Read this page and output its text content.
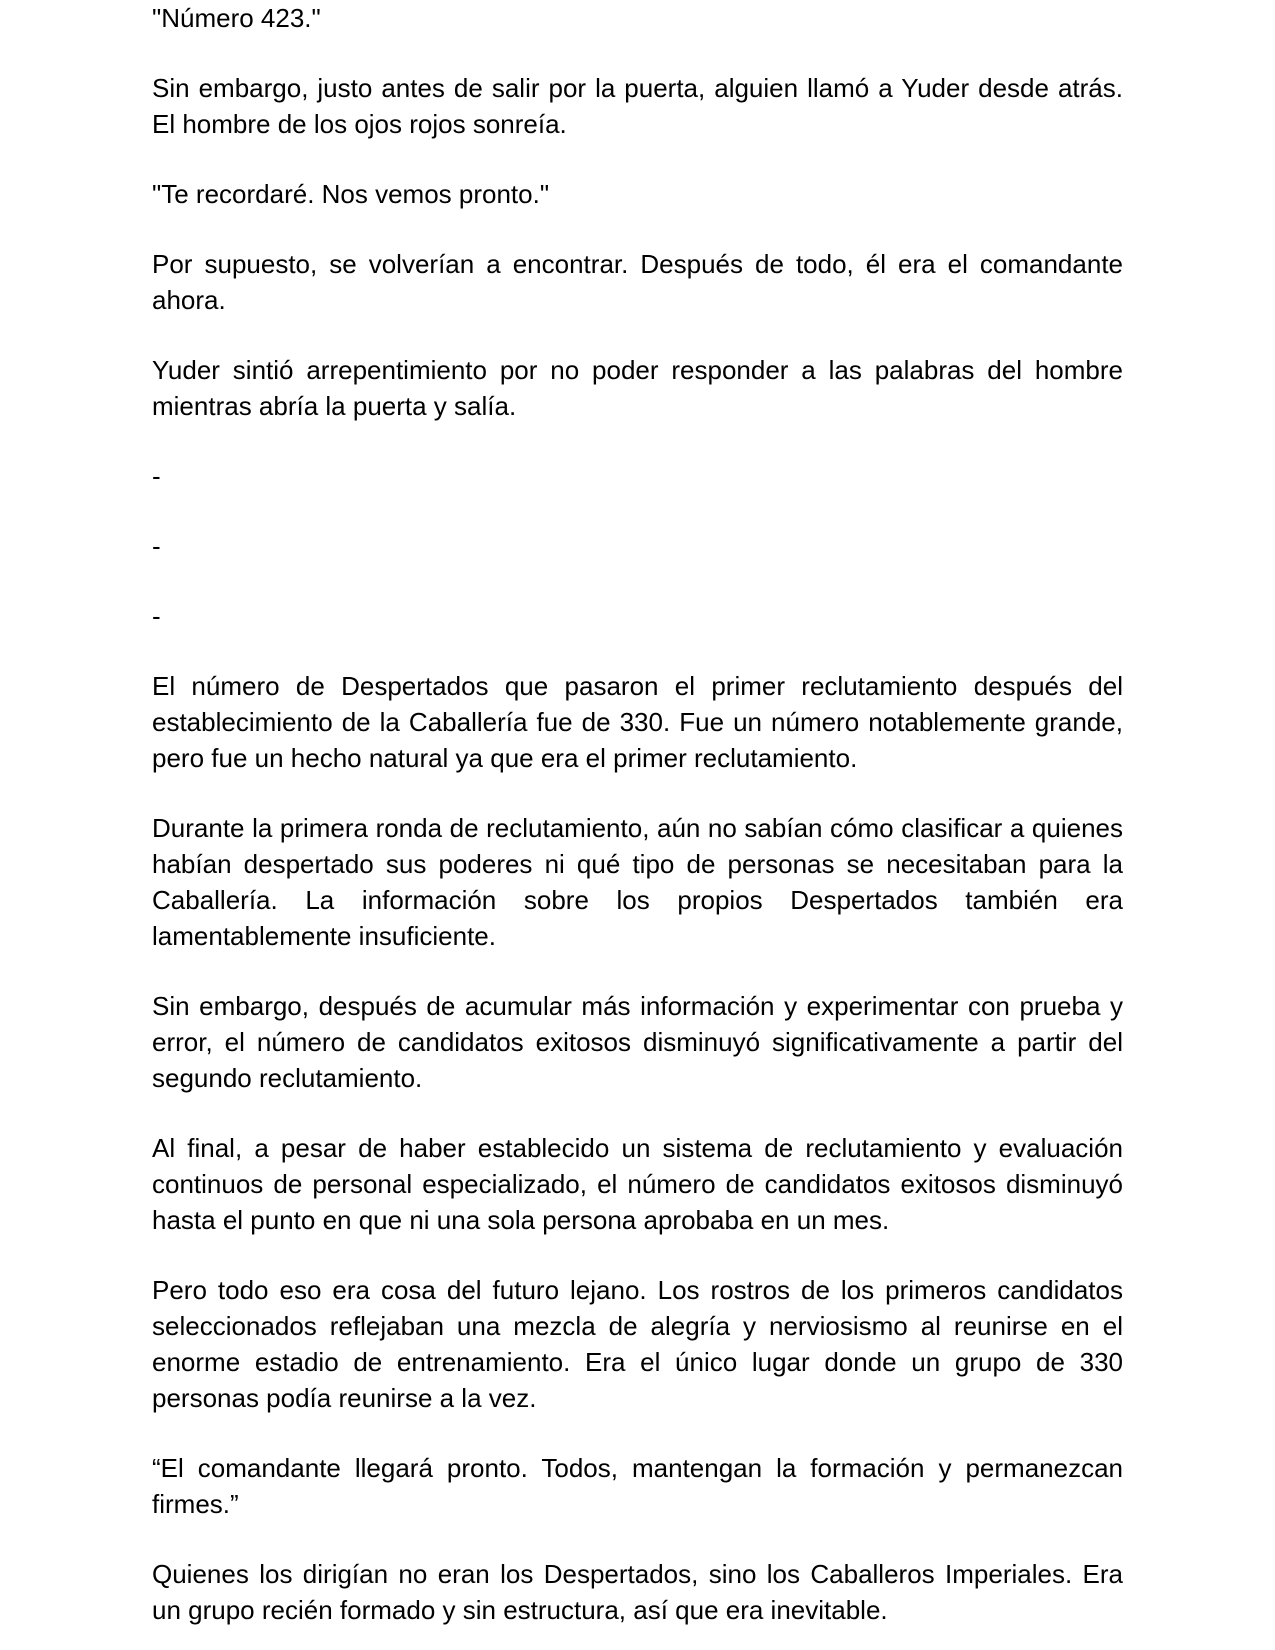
"Número 423."

Sin embargo, justo antes de salir por la puerta, alguien llamó a Yuder desde atrás. El hombre de los ojos rojos sonreía.

"Te recordaré. Nos vemos pronto."

Por supuesto, se volverían a encontrar. Después de todo, él era el comandante ahora.

Yuder sintió arrepentimiento por no poder responder a las palabras del hombre mientras abría la puerta y salía.

-

-

-

El número de Despertados que pasaron el primer reclutamiento después del establecimiento de la Caballería fue de 330. Fue un número notablemente grande, pero fue un hecho natural ya que era el primer reclutamiento.

Durante la primera ronda de reclutamiento, aún no sabían cómo clasificar a quienes habían despertado sus poderes ni qué tipo de personas se necesitaban para la Caballería. La información sobre los propios Despertados también era lamentablemente insuficiente.

Sin embargo, después de acumular más información y experimentar con prueba y error, el número de candidatos exitosos disminuyó significativamente a partir del segundo reclutamiento.

Al final, a pesar de haber establecido un sistema de reclutamiento y evaluación continuos de personal especializado, el número de candidatos exitosos disminuyó hasta el punto en que ni una sola persona aprobaba en un mes.

Pero todo eso era cosa del futuro lejano. Los rostros de los primeros candidatos seleccionados reflejaban una mezcla de alegría y nerviosismo al reunirse en el enorme estadio de entrenamiento. Era el único lugar donde un grupo de 330 personas podía reunirse a la vez.

“El comandante llegará pronto. Todos, mantengan la formación y permanezcan firmes.”

Quienes los dirigían no eran los Despertados, sino los Caballeros Imperiales. Era un grupo recién formado y sin estructura, así que era inevitable.
